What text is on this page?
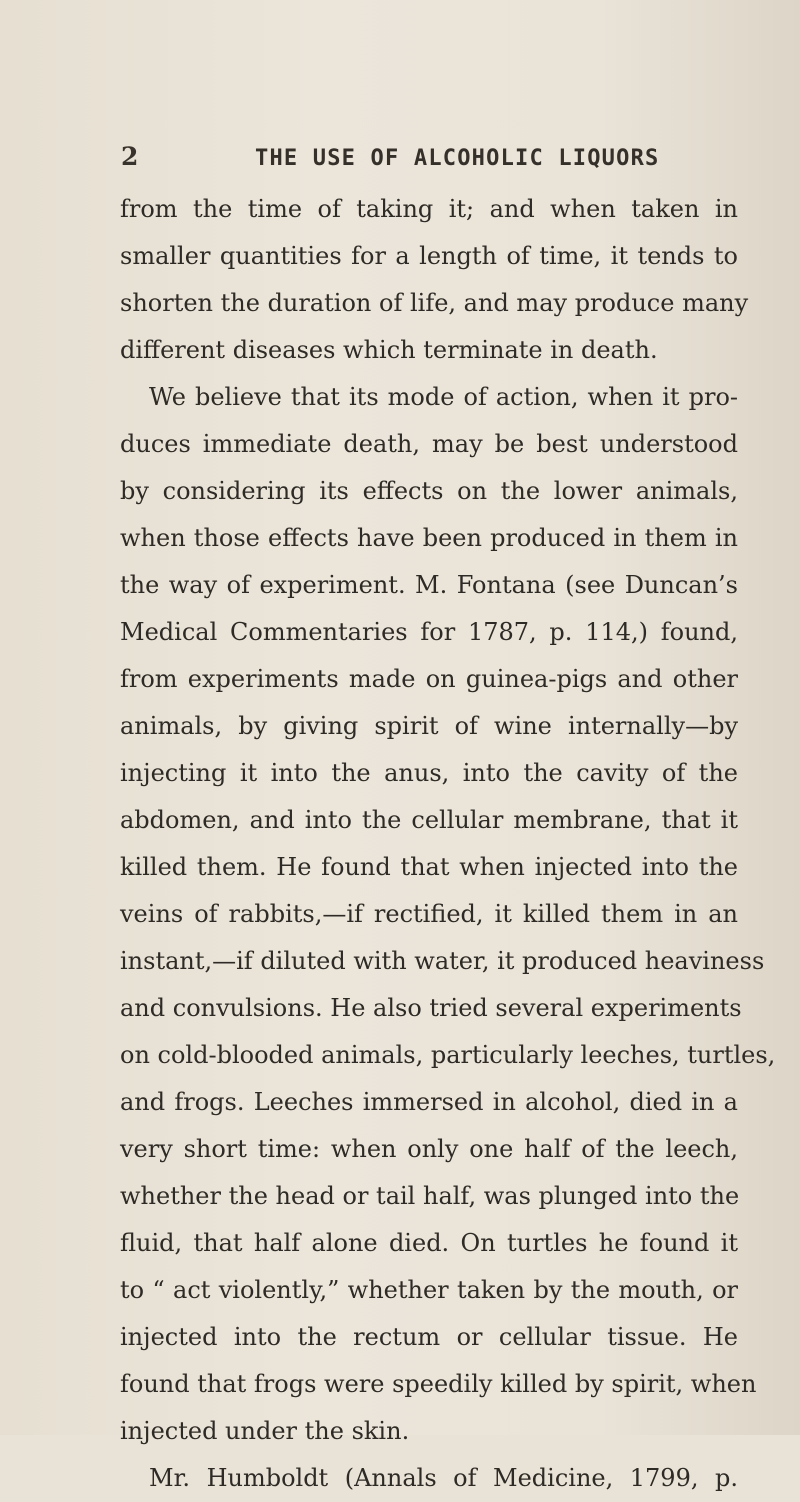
2	THE USE OF ALCOHOLIC LIQUORS
from the time of taking it; and when taken in
smaller quantities for a length of time, it tends to
shorten the duration of life, and may produce many
different diseases which terminate in death.
We believe that its mode of action, when it pro-
duces immediate death, may be best understood
by considering its effects on the lower animals,
when those effects have been produced in them in
the way of experiment. M. Fontana (see Duncan’s
Medical Commentaries for 1787, p. 114,) found,
from experiments made on guinea-pigs and other
animals, by giving spirit of wine internally—by
injecting it into the anus, into the cavity of the
abdomen, and into the cellular membrane, that it
killed them. He found that when injected into the
veins of rabbits,—if rectified, it killed them in an
instant,—if diluted with water, it produced heaviness
and convulsions. He also tried several experiments
on cold-blooded animals, particularly leeches, turtles,
and frogs. Leeches immersed in alcohol, died in a
very short time: when only one half of the leech,
whether the head or tail half, was plunged into the
fluid, that half alone died. On turtles he found it
to “ act violently,” whether taken by the mouth, or
injected into the rectum or cellular tissue. He
found that frogs were speedily killed by spirit, when
injected under the skin.
Mr. Humboldt (Annals of Medicine, 1799, p.
